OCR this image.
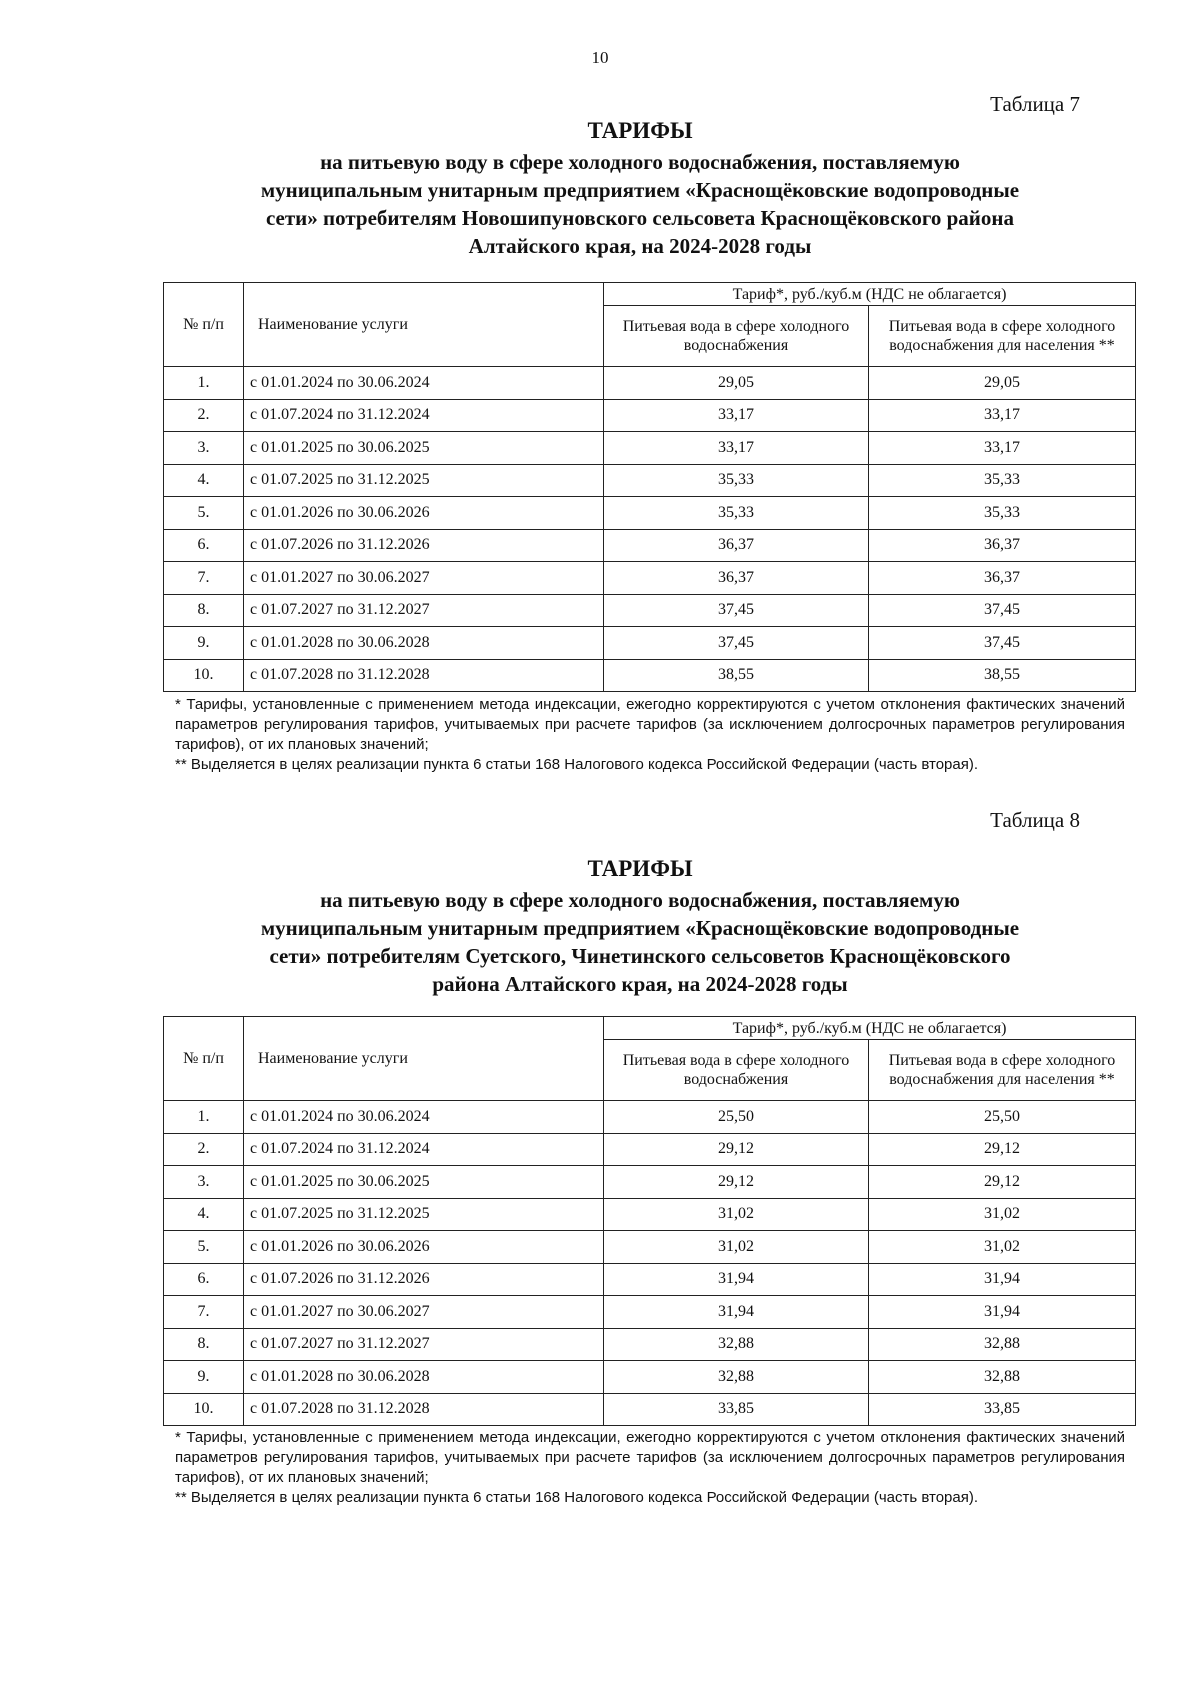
10
Таблица 7
ТАРИФЫ
на питьевую воду в сфере холодного водоснабжения, поставляемую
муниципальным унитарным предприятием «Краснощёковские водопроводные
сети» потребителям Новошипуновского сельсовета Краснощёковского района
Алтайского края, на 2024-2028 годы
№ п/п	Наименование услуги	Тариф*, руб./куб.м (НДС не облагается)	
		Питьевая вода в сфере холодного водоснабжения	Питьевая вода в сфере холодного водоснабжения для населения **
1.	с 01.01.2024 по 30.06.2024	29,05	29,05
2.	с 01.07.2024 по 31.12.2024	33,17	33,17
3.	с 01.01.2025 по 30.06.2025	33,17	33,17
4.	с 01.07.2025 по 31.12.2025	35,33	35,33
5.	с 01.01.2026 по 30.06.2026	35,33	35,33
6.	с 01.07.2026 по 31.12.2026	36,37	36,37
7.	с 01.01.2027 по 30.06.2027	36,37	36,37
8.	с 01.07.2027 по 31.12.2027	37,45	37,45
9.	с 01.01.2028 по 30.06.2028	37,45	37,45
10.	с 01.07.2028 по 31.12.2028	38,55	38,55

* Тарифы, установленные с применением метода индексации, ежегодно корректируются с учетом отклонения фактических значений параметров регулирования тарифов, учитываемых при расчете тарифов (за исключением долгосрочных параметров регулирования тарифов), от их плановых значений;

** Выделяется в целях реализации пункта 6 статьи 168 Налогового кодекса Российской Федерации (часть вторая).

Таблица 8
ТАРИФЫ
на питьевую воду в сфере холодного водоснабжения, поставляемую
муниципальным унитарным предприятием «Краснощёковские водопроводные
сети» потребителям Суетского, Чинетинского сельсоветов Краснощёковского
района Алтайского края, на 2024-2028 годы
№ п/п	Наименование услуги	Тариф*, руб./куб.м (НДС не облагается)	
		Питьевая вода в сфере холодного водоснабжения	Питьевая вода в сфере холодного водоснабжения для населения **
1.	с 01.01.2024 по 30.06.2024	25,50	25,50
2.	с 01.07.2024 по 31.12.2024	29,12	29,12
3.	с 01.01.2025 по 30.06.2025	29,12	29,12
4.	с 01.07.2025 по 31.12.2025	31,02	31,02
5.	с 01.01.2026 по 30.06.2026	31,02	31,02
6.	с 01.07.2026 по 31.12.2026	31,94	31,94
7.	с 01.01.2027 по 30.06.2027	31,94	31,94
8.	с 01.07.2027 по 31.12.2027	32,88	32,88
9.	с 01.01.2028 по 30.06.2028	32,88	32,88
10.	с 01.07.2028 по 31.12.2028	33,85	33,85

* Тарифы, установленные с применением метода индексации, ежегодно корректируются с учетом отклонения фактических значений параметров регулирования тарифов, учитываемых при расчете тарифов (за исключением долгосрочных параметров регулирования тарифов), от их плановых значений;

** Выделяется в целях реализации пункта 6 статьи 168 Налогового кодекса Российской Федерации (часть вторая).
